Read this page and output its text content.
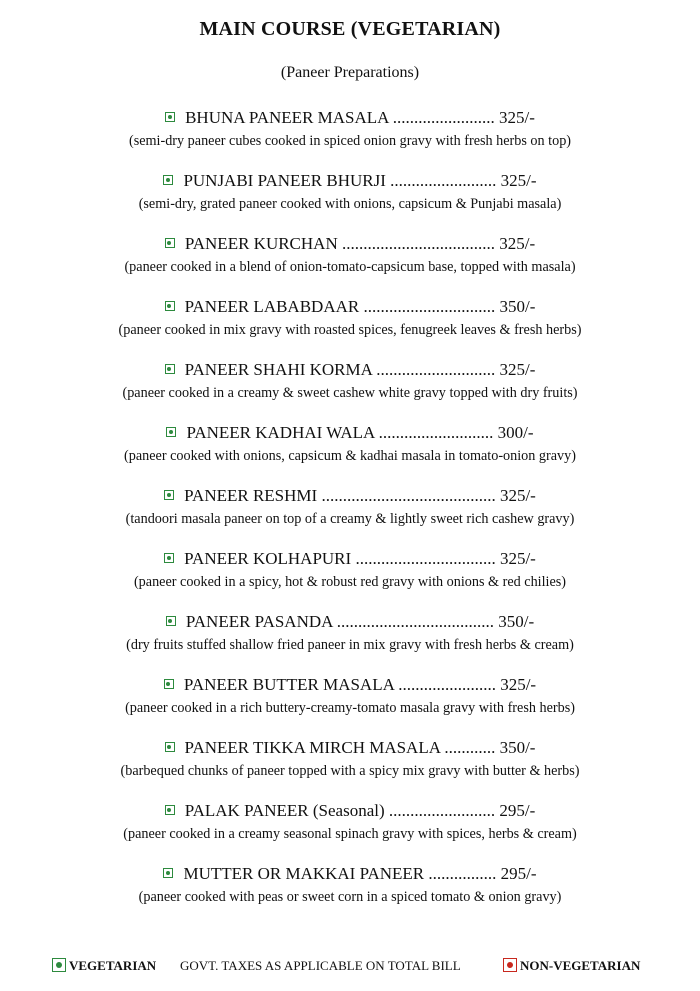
MAIN COURSE (VEGETARIAN)
(Paneer Preparations)
BHUNA PANEER MASALA ........................ 325/-
(semi-dry paneer cubes cooked in spiced onion gravy with fresh herbs on top)
PUNJABI PANEER BHURJI ......................... 325/-
(semi-dry, grated paneer cooked with onions, capsicum & Punjabi masala)
PANEER KURCHAN .................................... 325/-
(paneer cooked in a blend of onion-tomato-capsicum base, topped with masala)
PANEER LABABDAAR ............................... 350/-
(paneer cooked in mix gravy with roasted spices, fenugreek leaves & fresh herbs)
PANEER SHAHI KORMA ............................ 325/-
(paneer cooked in a creamy & sweet cashew white gravy topped with dry fruits)
PANEER KADHAI WALA ........................... 300/-
(paneer cooked with onions, capsicum & kadhai masala in tomato-onion gravy)
PANEER RESHMI ......................................... 325/-
(tandoori masala paneer on top of a creamy & lightly sweet rich cashew gravy)
PANEER KOLHAPURI ................................. 325/-
(paneer cooked in a spicy, hot & robust red gravy with onions & red chilies)
PANEER PASANDA ..................................... 350/-
(dry fruits stuffed shallow fried paneer in mix gravy with fresh herbs & cream)
PANEER BUTTER MASALA ....................... 325/-
(paneer cooked in a rich buttery-creamy-tomato masala gravy with fresh herbs)
PANEER TIKKA MIRCH MASALA ............ 350/-
(barbequed chunks of paneer topped with a spicy mix gravy with butter & herbs)
PALAK PANEER (Seasonal) ......................... 295/-
(paneer cooked in a creamy seasonal spinach gravy with spices, herbs & cream)
MUTTER OR MAKKAI PANEER ................ 295/-
(paneer cooked with peas or sweet corn in a spiced tomato & onion gravy)
VEGETARIAN GOVT. TAXES AS APPLICABLE ON TOTAL BILL	NON-VEGETARIAN
